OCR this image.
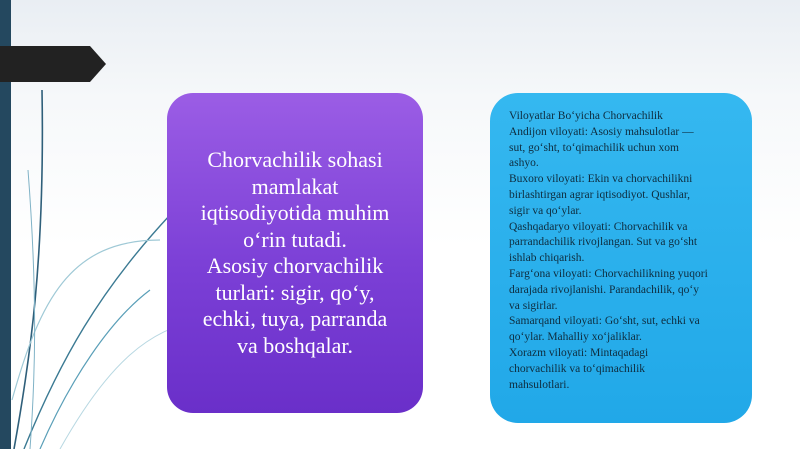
Chorvachilik sohasi
mamlakat
iqtisodiyotida muhim
o‘rin tutadi.
Asosiy chorvachilik
turlari: sigir, qo‘y,
echki, tuya, parranda
va boshqalar.

Viloyatlar Bo‘yicha Chorvachilik

Andijon viloyati: Asosiy mahsulotlar —

sut, go‘sht, to‘qimachilik uchun xom

ashyo.

Buxoro viloyati: Ekin va chorvachilikni

birlashtirgan agrar iqtisodiyot. Qushlar,

sigir va qo‘ylar.

Qashqadaryo viloyati: Chorvachilik va

parrandachilik rivojlangan. Sut va go‘sht

ishlab chiqarish.

Farg‘ona viloyati: Chorvachilikning yuqori

darajada rivojlanishi. Parandachilik, qo‘y

va sigirlar.

Samarqand viloyati: Go‘sht, sut, echki va

qo‘ylar. Mahalliy xo‘jaliklar.

Xorazm viloyati: Mintaqadagi

chorvachilik va to‘qimachilik

mahsulotlari.
